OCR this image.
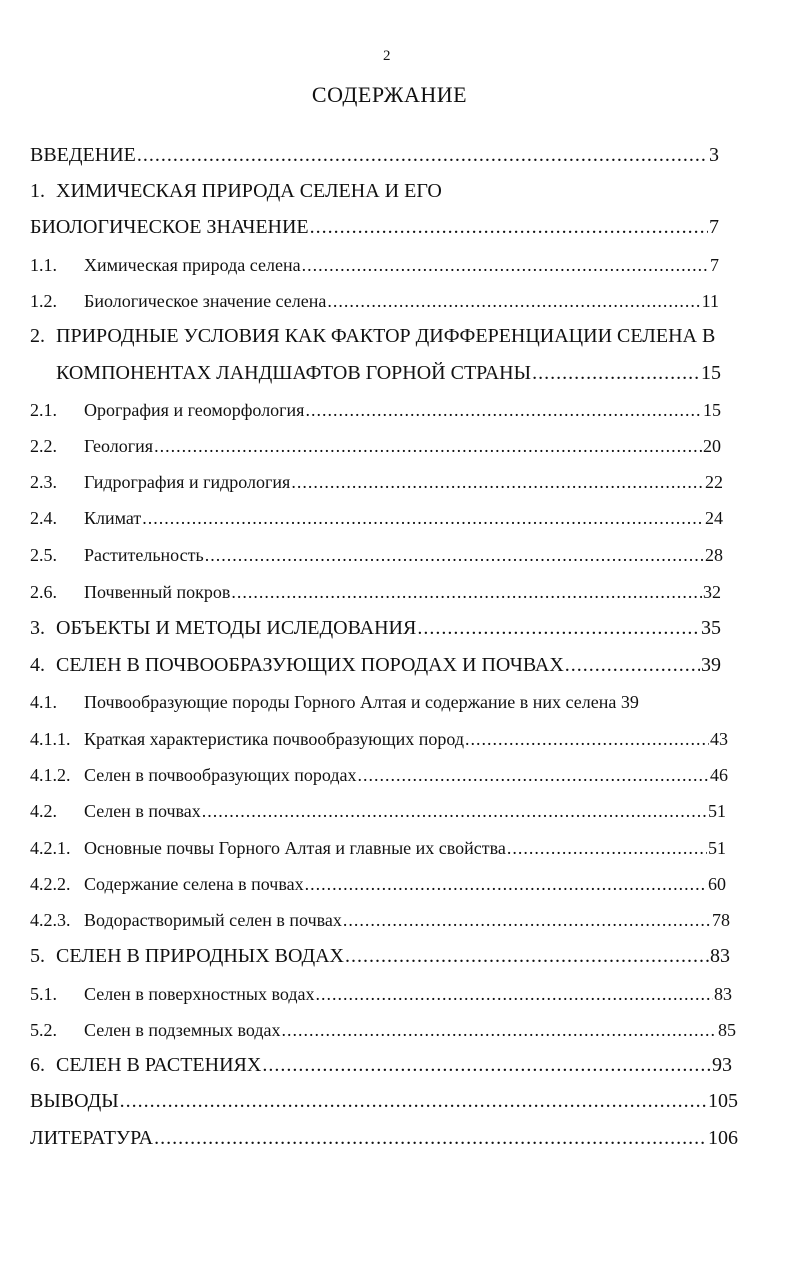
2
СОДЕРЖАНИЕ
ВВЕДЕНИЕ .....	3
1. ХИМИЧЕСКАЯ ПРИРОДА СЕЛЕНА И ЕГО
БИОЛОГИЧЕСКОЕ ЗНАЧЕНИЕ .....	7
1.1.	Химическая природа селена .....	7
1.2.	Биологическое значение селена .....	11
2. ПРИРОДНЫЕ УСЛОВИЯ КАК ФАКТОР ДИФФЕРЕНЦИАЦИИ СЕЛЕНА В
КОМПОНЕНТАХ ЛАНДШАФТОВ ГОРНОЙ СТРАНЫ .....	15
2.1.	Орография и геоморфология .....	15
2.2.	Геология .....	20
2.3.	Гидрография и гидрология .....	22
2.4.	Климат .....	24
2.5.	Растительность .....	28
2.6.	Почвенный покров .....	32
3. ОБЪЕКТЫ И МЕТОДЫ ИСЛЕДОВАНИЯ .....	35
4. СЕЛЕН В ПОЧВООБРАЗУЮЩИХ ПОРОДАХ И ПОЧВАХ .....	39
4.1.	Почвообразующие породы Горного Алтая и содержание в них селена 39
4.1.1. Краткая характеристика почвообразующих пород .....	43
4.1.2. Селен в почвообразующих породах .....	46
4.2.	Селен в почвах .....	51
4.2.1. Основные почвы Горного Алтая и главные их свойства .....	51
4.2.2. Содержание селена в почвах .....	60
4.2.3. Водорастворимый селен в почвах .....	78
5. СЕЛЕН В ПРИРОДНЫХ ВОДАХ .....	83
5.1.	Селен в поверхностных водах .....	83
5.2.	Селен в подземных водах .....	85
6. СЕЛЕН В РАСТЕНИЯХ .....	93
ВЫВОДЫ .....	105
ЛИТЕРАТУРА .....	106
